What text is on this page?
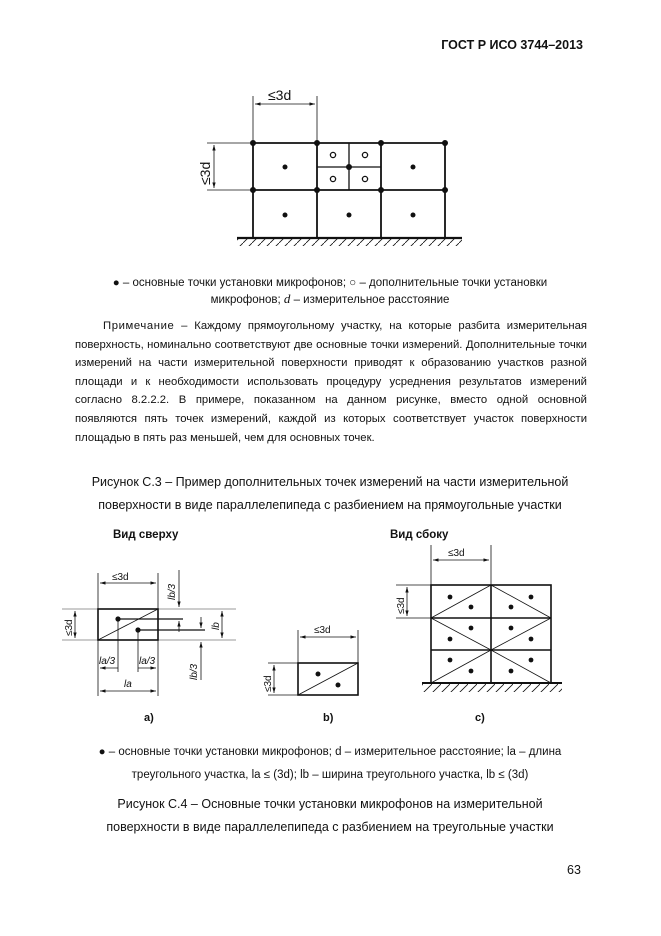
ГОСТ Р ИСО 3744–2013
≤3d
≤3d
≤3d
≤3d
lb/3
lb/3
lb
la/3 la/3
la
≤3d
≤3d
≤3d
≤3d
a)	b)	c)
Вид сверху	Вид сбоку
● – основные точки установки микрофонов; ○ – дополнительные точки установки
микрофонов; d – измерительное расстояние

Примечание – Каждому прямоугольному участку, на которые разбита измерительная поверхность, номинально соответствуют две основные точки измерений. Дополнительные точки измерений на части измерительной поверхности приводят к образованию участков разной площади и к необходимости использовать процедуру усреднения результатов измерений согласно 8.2.2.2. В примере, показанном на данном рисунке, вместо одной основной появляются пять точек измерений, каждой из которых соответствует участок поверхности площадью в пять раз меньшей, чем для основных точек.

Рисунок С.3 – Пример дополнительных точек измерений на части измерительной
поверхности в виде параллелепипеда с разбиением на прямоугольные участки
● – основные точки установки микрофонов; d – измерительное расстояние; la – длина
треугольного участка, la ≤ (3d); lb – ширина треугольного участка, lb ≤ (3d)
Рисунок С.4 – Основные точки установки микрофонов на измерительной
поверхности в виде параллелепипеда с разбиением на треугольные участки
63
